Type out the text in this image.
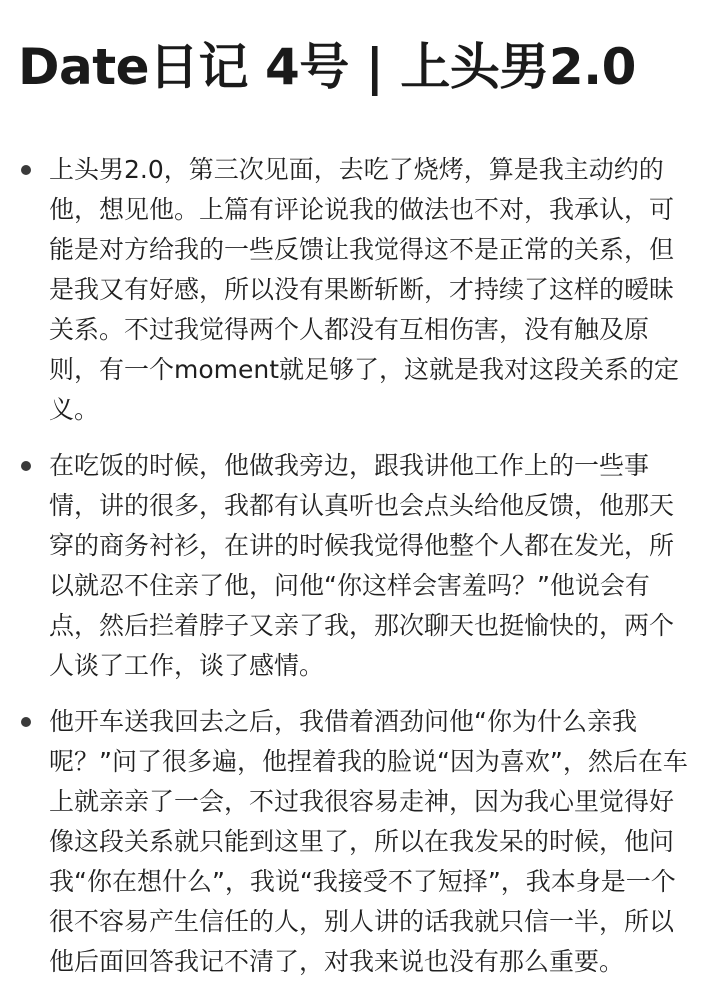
Date日记 4号 | 上头男2.0
上头男2.0，第三次见面，去吃了烧烤，算是我主动约的他，想见他。上篇有评论说我的做法也不对，我承认，可能是对方给我的一些反馈让我觉得这不是正常的关系，但是我又有好感，所以没有果断斩断，才持续了这样的暧昧关系。不过我觉得两个人都没有互相伤害，没有触及原则，有一个moment就足够了，这就是我对这段关系的定义。
在吃饭的时候，他做我旁边，跟我讲他工作上的一些事情，讲的很多，我都有认真听也会点头给他反馈，他那天穿的商务衬衫，在讲的时候我觉得他整个人都在发光，所以就忍不住亲了他，问他“你这样会害羞吗？”他说会有点，然后拦着脖子又亲了我，那次聊天也挺愉快的，两个人谈了工作，谈了感情。
他开车送我回去之后，我借着酒劲问他“你为什么亲我呢？”问了很多遍，他捏着我的脸说“因为喜欢”，然后在车上就亲亲了一会，不过我很容易走神，因为我心里觉得好像这段关系就只能到这里了，所以在我发呆的时候，他问我“你在想什么”，我说“我接受不了短择”，我本身是一个很不容易产生信任的人，别人讲的话我就只信一半，所以他后面回答我记不清了，对我来说也没有那么重要。
